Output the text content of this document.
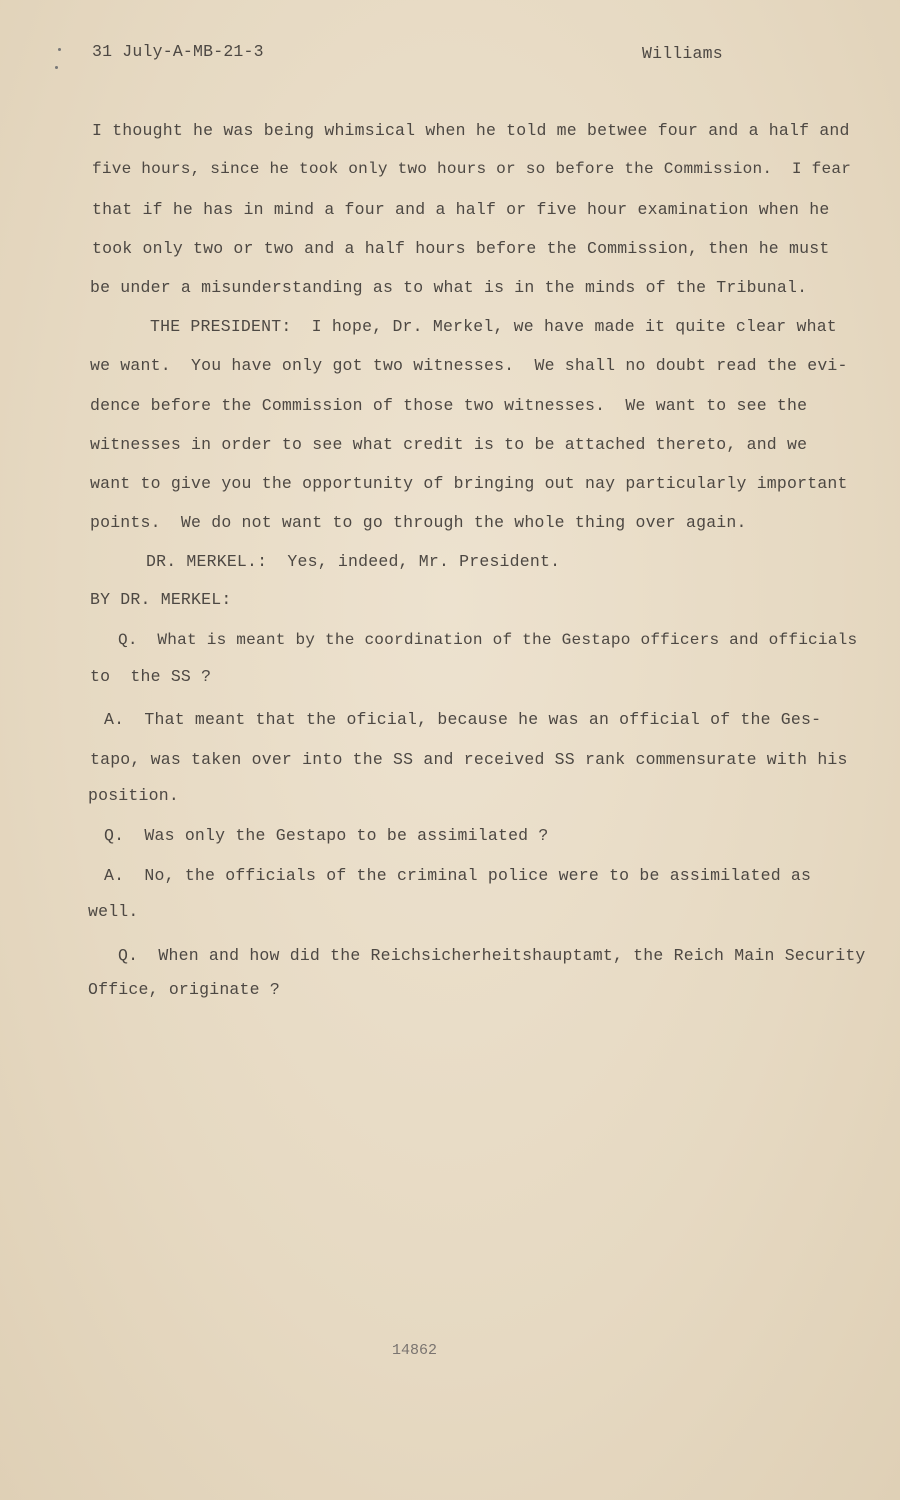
31 July-A-MB-21-3	Williams
I thought he was being whimsical when he told me betwee four and a half and
five hours, since he took only two hours or so before the Commission.  I fear
that if he has in mind a four and a half or five hour examination when he
took only two or two and a half hours before the Commission, then he must
be under a misunderstanding as to what is in the minds of the Tribunal.
THE PRESIDENT:  I hope, Dr. Merkel, we have made it quite clear what
we want.  You have only got two witnesses.  We shall no doubt read the evi-
dence before the Commission of those two witnesses.  We want to see the
witnesses in order to see what credit is to be attached thereto, and we
want to give you the opportunity of bringing out nay particularly important
points.  We do not want to go through the whole thing over again.
DR. MERKEL.:  Yes, indeed, Mr. President.
BY DR. MERKEL:
Q.  What is meant by the coordination of the Gestapo officers and officials
to  the SS ?
A.  That meant that the oficial, because he was an official of the Ges-
tapo, was taken over into the SS and received SS rank commensurate with his
position.
Q.  Was only the Gestapo to be assimilated ?
A.  No, the officials of the criminal police were to be assimilated as
well.
Q.  When and how did the Reichsicherheitshauptamt, the Reich Main Security
Office, originate ?
14862
